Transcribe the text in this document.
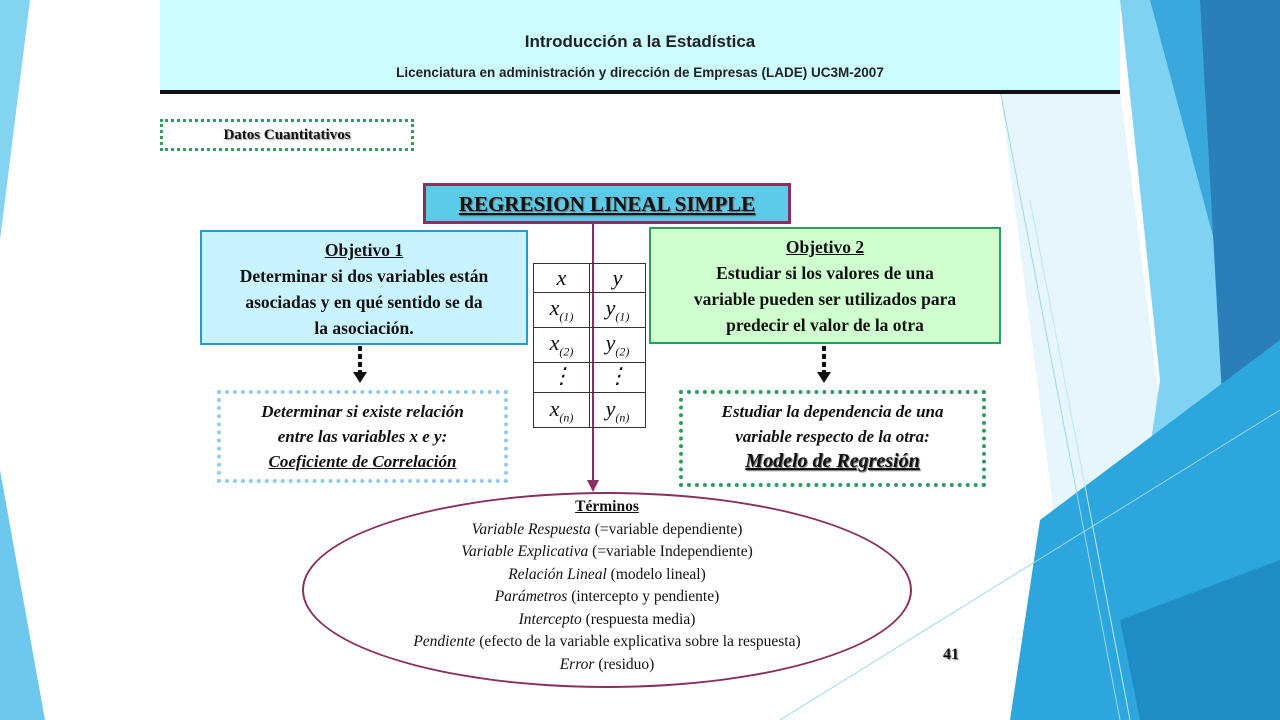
Introducción a la Estadística
Licenciatura en administración y dirección de Empresas (LADE) UC3M-2007
Datos Cuantitativos
REGRESION LINEAL SIMPLE
Objetivo 1
Determinar si dos variables están
asociadas y en qué sentido se da
la asociación.
Objetivo 2
Estudiar si los valores de una
variable pueden ser utilizados para
predecir el valor de la otra
x	y
$x_{(1)}$	$y_{(1)}$
$x_{(2)}$	$y_{(2)}$
⋮	⋮
$x_{(n)}$	$y_{(n)}$
Determinar si existe relación
entre las variables x e y:
Coeficiente de Correlación
Estudiar la dependencia de una
variable respecto de la otra:
Modelo de Regresión
Términos
Variable Respuesta (=variable dependiente)
Variable Explicativa (=variable Independiente)
Relación Lineal (modelo lineal)
Parámetros (intercepto y pendiente)
Intercepto (respuesta media)
Pendiente (efecto de la variable explicativa sobre la respuesta)
Error (residuo)
41
